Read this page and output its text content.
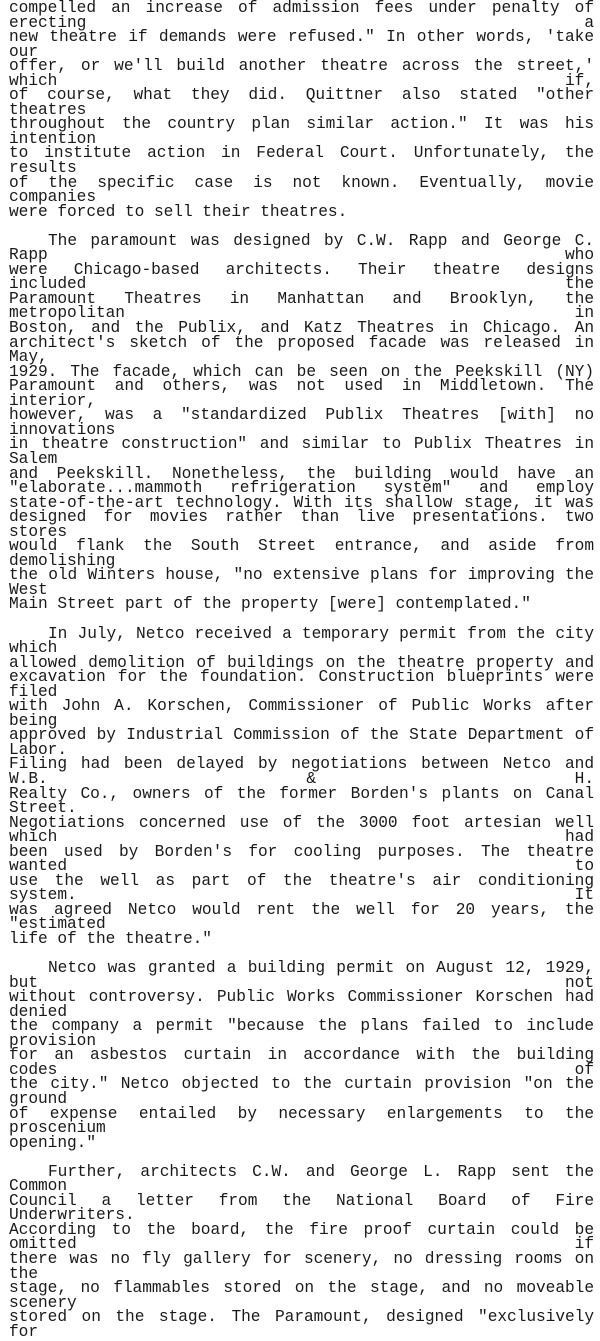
compelled an increase of admission fees under penalty of erecting a
new theatre if demands were refused." In other words, 'take our
offer, or we'll build another theatre across the street,' which if,
of course, what they did. Quittner also stated "other theatres
throughout the country plan similar action." It was his intention
to institute action in Federal Court. Unfortunately, the results
of the specific case is not known. Eventually, movie companies
were forced to sell their theatres.
The paramount was designed by C.W. Rapp and George C. Rapp who
were Chicago-based architects. Their theatre designs included the
Paramount Theatres in Manhattan and Brooklyn, the metropolitan in
Boston, and the Publix, and Katz Theatres in Chicago. An
architect's sketch of the proposed facade was released in May,
1929. The facade, which can be seen on the Peekskill (NY)
Paramount and others, was not used in Middletown. The interior,
however, was a "standardized Publix Theatres [with] no innovations
in theatre construction" and similar to Publix Theatres in Salem
and Peekskill. Nonetheless, the building would have an
"elaborate...mammoth refrigeration system" and employ
state-of-the-art technology. With its shallow stage, it was
designed for movies rather than live presentations. two stores
would flank the South Street entrance, and aside from demolishing
the old Winters house, "no extensive plans for improving the West
Main Street part of the property [were] contemplated."
In July, Netco received a temporary permit from the city which
allowed demolition of buildings on the theatre property and
excavation for the foundation. Construction blueprints were filed
with John A. Korschen, Commissioner of Public Works after being
approved by Industrial Commission of the State Department of Labor.
Filing had been delayed by negotiations between Netco and W.B. & H.
Realty Co., owners of the former Borden's plants on Canal Street.
Negotiations concerned use of the 3000 foot artesian well which had
been used by Borden's for cooling purposes. The theatre wanted to
use the well as part of the theatre's air conditioning system. It
was agreed Netco would rent the well for 20 years, the "estimated
life of the theatre."
Netco was granted a building permit on August 12, 1929, but not
without controversy. Public Works Commissioner Korschen had denied
the company a permit "because the plans failed to include provision
for an asbestos curtain in accordance with the building codes of
the city." Netco objected to the curtain provision "on the ground
of expense entailed by necessary enlargements to the proscenium
opening."
Further, architects C.W. and George L. Rapp sent the Common
Council a letter from the National Board of Fire Underwriters.
According to the board, the fire proof curtain could be omitted if
there was no fly gallery for scenery, no dressing rooms on the
stage, no flammables stored on the stage, and no moveable scenery
stored on the stage. The Paramount, designed "exclusively for
